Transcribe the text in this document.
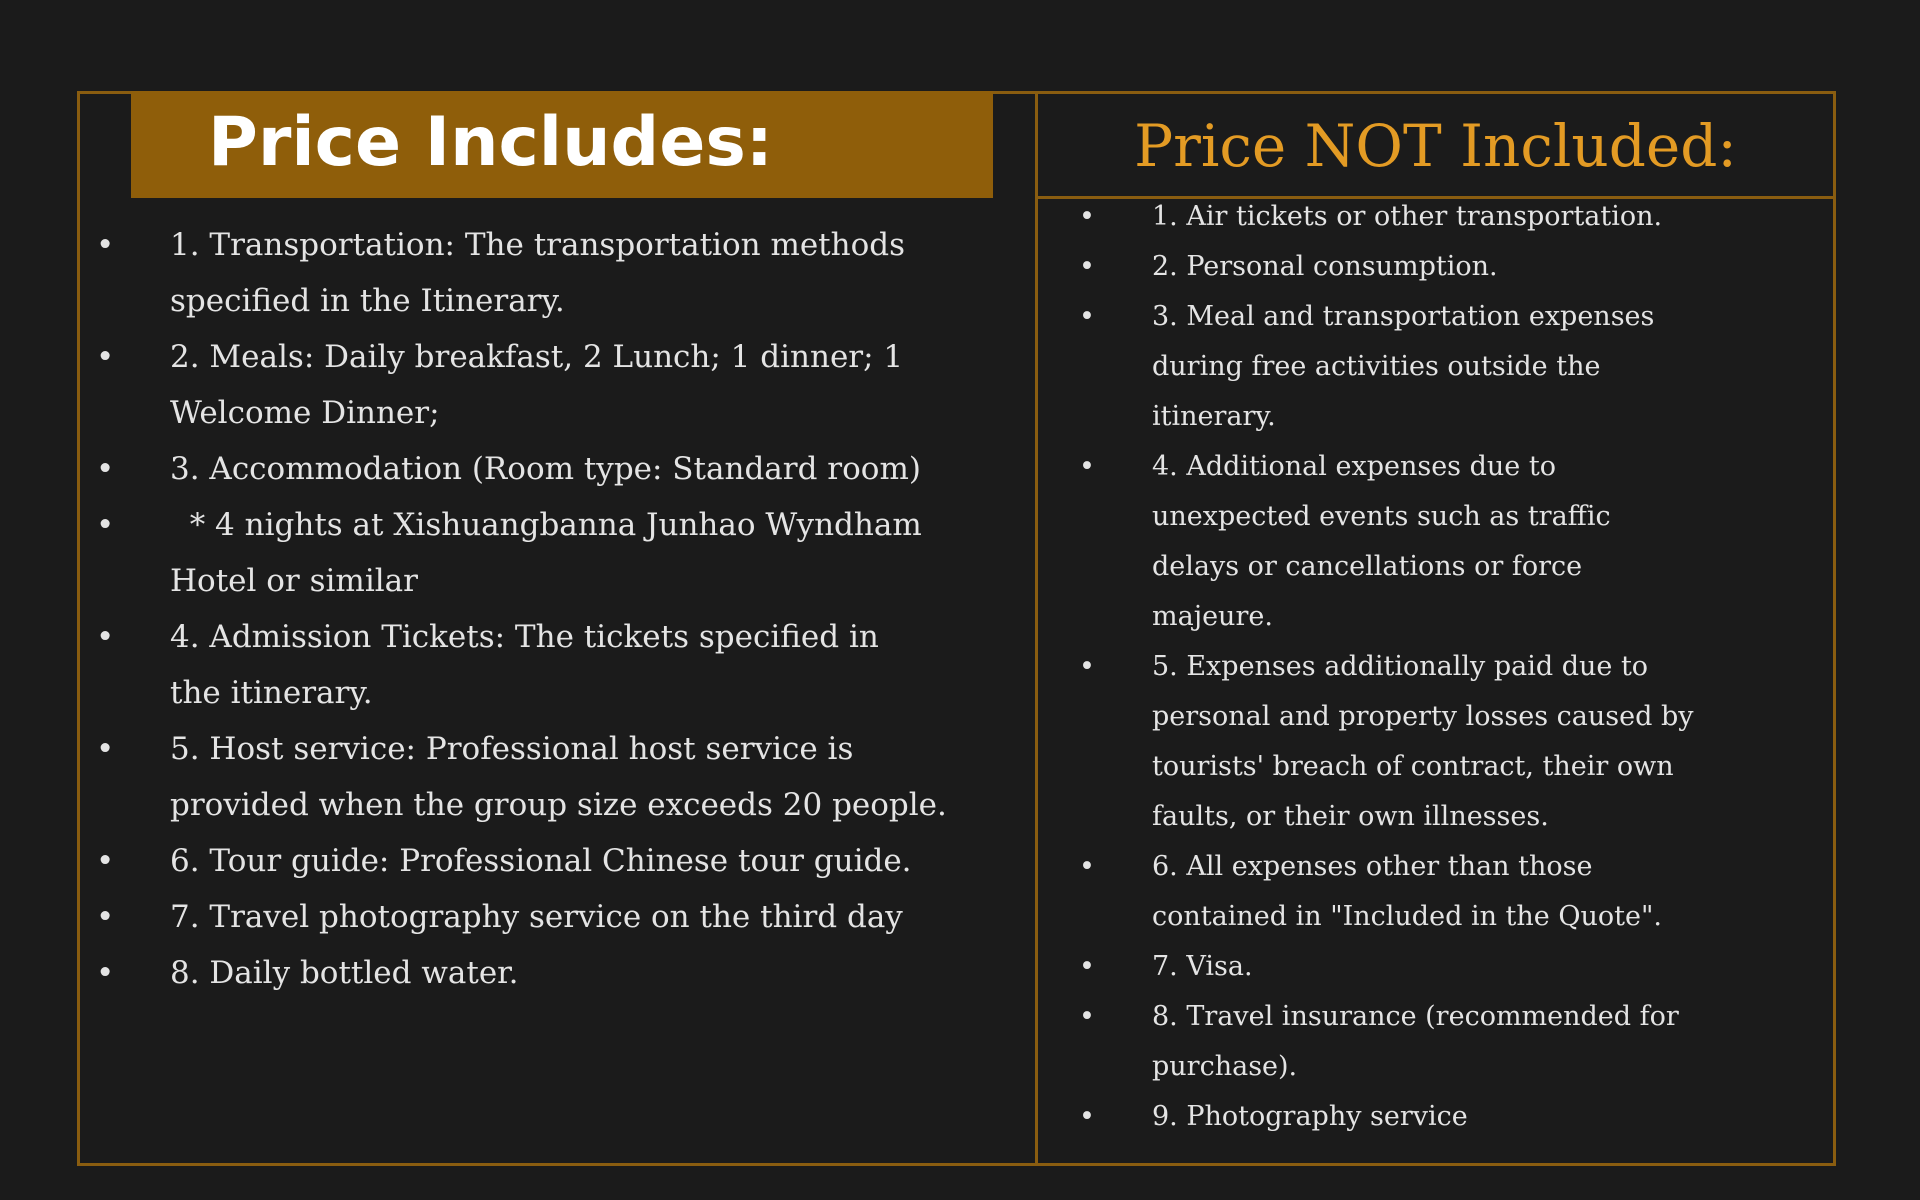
Price Includes:	Price NOT Included:
• 1. Transportation: The transportation methods
specified in the Itinerary.
• 2. Meals: Daily breakfast, 2 Lunch; 1 dinner; 1
Welcome Dinner;
• 3. Accommodation (Room type: Standard room)
• * 4 nights at Xishuangbanna Junhao Wyndham
Hotel or similar
• 4. Admission Tickets: The tickets specified in
the itinerary.
• 5. Host service: Professional host service is
provided when the group size exceeds 20 people.
• 6. Tour guide: Professional Chinese tour guide.
• 7. Travel photography service on the third day
• 8. Daily bottled water.
• 1. Air tickets or other transportation.
• 2. Personal consumption.
• 3. Meal and transportation expenses
during free activities outside the
itinerary.
• 4. Additional expenses due to
unexpected events such as traffic
delays or cancellations or force
majeure.
• 5. Expenses additionally paid due to
personal and property losses caused by
tourists' breach of contract, their own
faults, or their own illnesses.
• 6. All expenses other than those
contained in "Included in the Quote".
• 7. Visa.
• 8. Travel insurance (recommended for
purchase).
• 9. Photography service
